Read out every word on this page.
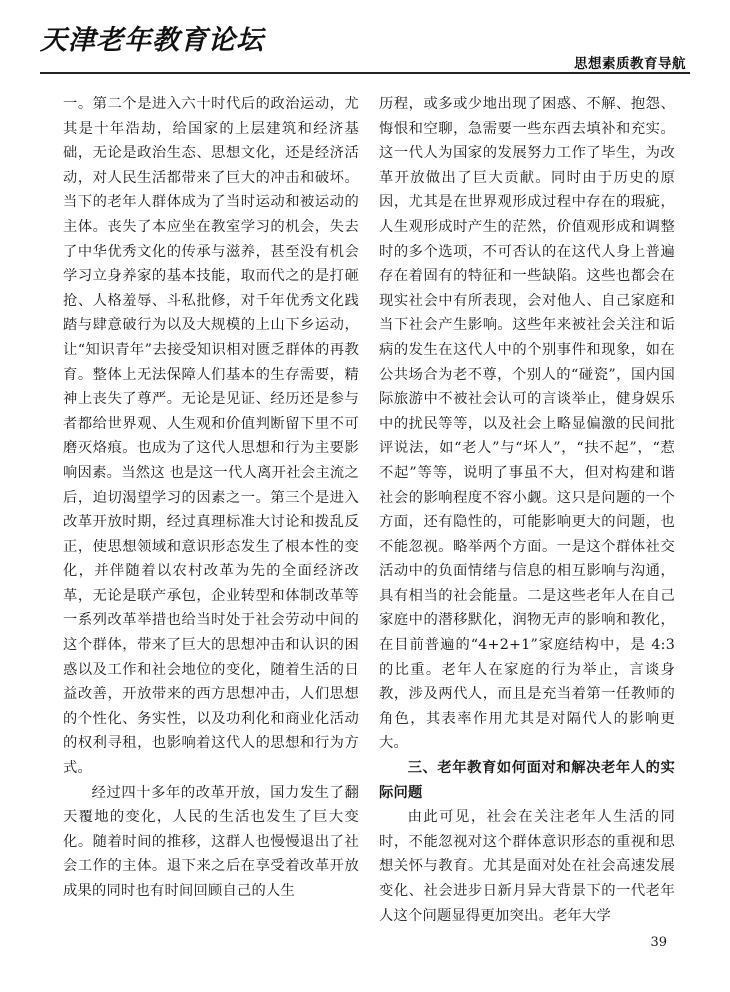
天津老年教育论坛
思想素质教育导航

一。第二个是进入六十时代后的政治运动，尤其是十年浩劫，给国家的上层建筑和经济基础，无论是政治生态、思想文化，还是经济活动，对人民生活都带来了巨大的冲击和破坏。当下的老年人群体成为了当时运动和被运动的主体。丧失了本应坐在教室学习的机会，失去了中华优秀文化的传承与滋养，甚至没有机会学习立身养家的基本技能，取而代之的是打砸抢、人格羞辱、斗私批修，对千年优秀文化践踏与肆意破行为以及大规模的上山下乡运动，让“知识青年”去接受知识相对匮乏群体的再教育。整体上无法保障人们基本的生存需要，精神上丧失了尊严。无论是见证、经历还是参与者都给世界观、人生观和价值判断留下里不可磨灭烙痕。也成为了这代人思想和行为主要影响因素。当然这 也是这一代人离开社会主流之后，迫切渴望学习的因素之一。第三个是进入改革开放时期，经过真理标准大讨论和拨乱反正，使思想领域和意识形态发生了根本性的变化，并伴随着以农村改革为先的全面经济改革，无论是联产承包，企业转型和体制改革等一系列改革举措也给当时处于社会劳动中间的这个群体，带来了巨大的思想冲击和认识的困惑以及工作和社会地位的变化，随着生活的日益改善，开放带来的西方思想冲击，人们思想的个性化、务实性，以及功利化和商业化活动的权利寻租，也影响着这代人的思想和行为方式。

经过四十多年的改革开放，国力发生了翻天覆地的变化，人民的生活也发生了巨大变化。随着时间的推移，这群人也慢慢退出了社会工作的主体。退下来之后在享受着改革开放成果的同时也有时间回顾自己的人生

历程，或多或少地出现了困惑、不解、抱怨、悔恨和空聊，急需要一些东西去填补和充实。这一代人为国家的发展努力工作了毕生，为改革开放做出了巨大贡献。同时由于历史的原因，尤其是在世界观形成过程中存在的瑕疵，人生观形成时产生的茫然，价值观形成和调整时的多个选项，不可否认的在这代人身上普遍存在着固有的特征和一些缺陷。这些也都会在现实社会中有所表现，会对他人、自己家庭和当下社会产生影响。这些年来被社会关注和诟病的发生在这代人中的个别事件和现象，如在公共场合为老不尊，个别人的“碰瓷”，国内国际旅游中不被社会认可的言谈举止，健身娱乐中的扰民等等，以及社会上略显偏激的民间批评说法，如“老人”与“坏人”，“扶不起”，“惹不起”等等，说明了事虽不大，但对构建和谐社会的影响程度不容小觑。这只是问题的一个方面，还有隐性的，可能影响更大的问题，也不能忽视。略举两个方面。一是这个群体社交活动中的负面情绪与信息的相互影响与沟通，具有相当的社会能量。二是这些老年人在自己家庭中的潜移默化，润物无声的影响和教化，在目前普遍的“4+2+1”家庭结构中，是 4:3 的比重。老年人在家庭的行为举止，言谈身教，涉及两代人，而且是充当着第一任教师的角色，其表率作用尤其是对隔代人的影响更大。

三、老年教育如何面对和解决老年人的实际问题

由此可见，社会在关注老年人生活的同时，不能忽视对这个群体意识形态的重视和思想关怀与教育。尤其是面对处在社会高速发展变化、社会进步日新月异大背景下的一代老年人这个问题显得更加突出。老年大学

39
